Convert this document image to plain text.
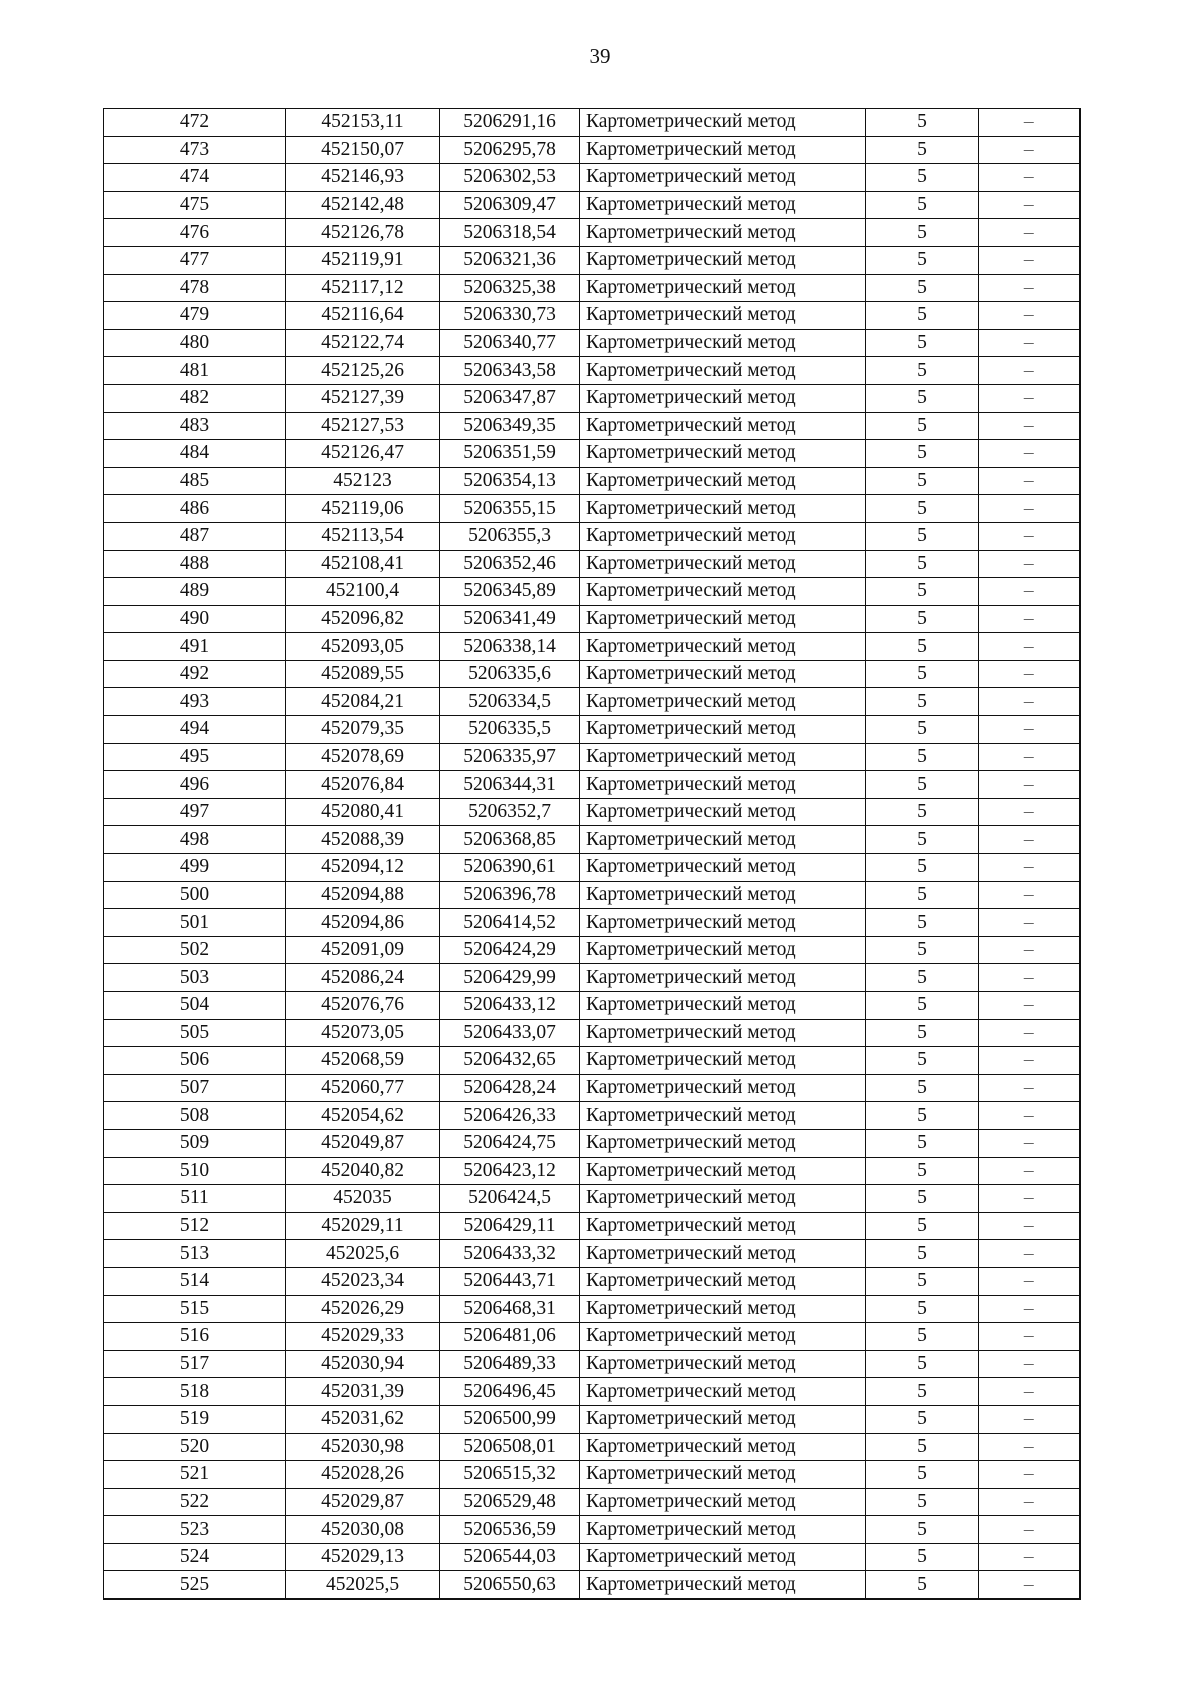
39
472	452153,11	5206291,16	Картометрический метод	5	–
473	452150,07	5206295,78	Картометрический метод	5	–
474	452146,93	5206302,53	Картометрический метод	5	–
475	452142,48	5206309,47	Картометрический метод	5	–
476	452126,78	5206318,54	Картометрический метод	5	–
477	452119,91	5206321,36	Картометрический метод	5	–
478	452117,12	5206325,38	Картометрический метод	5	–
479	452116,64	5206330,73	Картометрический метод	5	–
480	452122,74	5206340,77	Картометрический метод	5	–
481	452125,26	5206343,58	Картометрический метод	5	–
482	452127,39	5206347,87	Картометрический метод	5	–
483	452127,53	5206349,35	Картометрический метод	5	–
484	452126,47	5206351,59	Картометрический метод	5	–
485	452123	5206354,13	Картометрический метод	5	–
486	452119,06	5206355,15	Картометрический метод	5	–
487	452113,54	5206355,3	Картометрический метод	5	–
488	452108,41	5206352,46	Картометрический метод	5	–
489	452100,4	5206345,89	Картометрический метод	5	–
490	452096,82	5206341,49	Картометрический метод	5	–
491	452093,05	5206338,14	Картометрический метод	5	–
492	452089,55	5206335,6	Картометрический метод	5	–
493	452084,21	5206334,5	Картометрический метод	5	–
494	452079,35	5206335,5	Картометрический метод	5	–
495	452078,69	5206335,97	Картометрический метод	5	–
496	452076,84	5206344,31	Картометрический метод	5	–
497	452080,41	5206352,7	Картометрический метод	5	–
498	452088,39	5206368,85	Картометрический метод	5	–
499	452094,12	5206390,61	Картометрический метод	5	–
500	452094,88	5206396,78	Картометрический метод	5	–
501	452094,86	5206414,52	Картометрический метод	5	–
502	452091,09	5206424,29	Картометрический метод	5	–
503	452086,24	5206429,99	Картометрический метод	5	–
504	452076,76	5206433,12	Картометрический метод	5	–
505	452073,05	5206433,07	Картометрический метод	5	–
506	452068,59	5206432,65	Картометрический метод	5	–
507	452060,77	5206428,24	Картометрический метод	5	–
508	452054,62	5206426,33	Картометрический метод	5	–
509	452049,87	5206424,75	Картометрический метод	5	–
510	452040,82	5206423,12	Картометрический метод	5	–
511	452035	5206424,5	Картометрический метод	5	–
512	452029,11	5206429,11	Картометрический метод	5	–
513	452025,6	5206433,32	Картометрический метод	5	–
514	452023,34	5206443,71	Картометрический метод	5	–
515	452026,29	5206468,31	Картометрический метод	5	–
516	452029,33	5206481,06	Картометрический метод	5	–
517	452030,94	5206489,33	Картометрический метод	5	–
518	452031,39	5206496,45	Картометрический метод	5	–
519	452031,62	5206500,99	Картометрический метод	5	–
520	452030,98	5206508,01	Картометрический метод	5	–
521	452028,26	5206515,32	Картометрический метод	5	–
522	452029,87	5206529,48	Картометрический метод	5	–
523	452030,08	5206536,59	Картометрический метод	5	–
524	452029,13	5206544,03	Картометрический метод	5	–
525	452025,5	5206550,63	Картометрический метод	5	–
